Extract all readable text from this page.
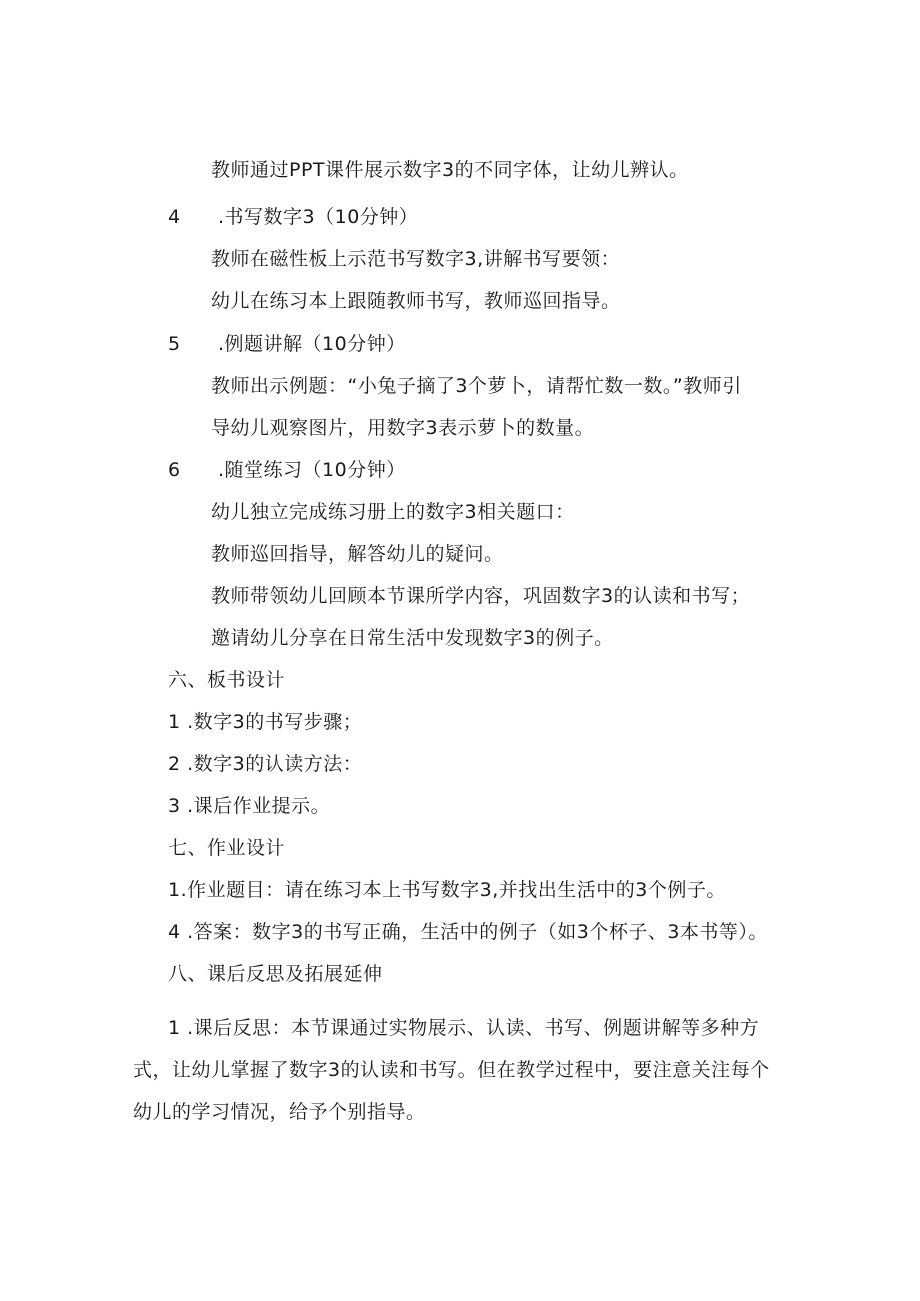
教师通过PPT课件展示数字3的不同字体，让幼儿辨认。
4 .书写数字3（10分钟）
教师在磁性板上示范书写数字3,讲解书写要领：
幼儿在练习本上跟随教师书写，教师巡回指导。
5 .例题讲解（10分钟）
教师出示例题：“小兔子摘了3个萝卜，请帮忙数一数。”教师引
导幼儿观察图片，用数字3表示萝卜的数量。
6 .随堂练习（10分钟）
幼儿独立完成练习册上的数字3相关题口：
教师巡回指导，解答幼儿的疑问。
教师带领幼儿回顾本节课所学内容，巩固数字3的认读和书写；
邀请幼儿分享在日常生活中发现数字3的例子。
六、板书设计
1 .数字3的书写步骤；
2 .数字3的认读方法：
3 .课后作业提示。
七、作业设计
1.作业题目：请在练习本上书写数字3,并找出生活中的3个例子。
4 .答案：数字3的书写正确，生活中的例子（如3个杯子、3本书等）。
八、课后反思及拓展延伸
1 .课后反思：本节课通过实物展示、认读、书写、例题讲解等多种方
式，让幼儿掌握了数字3的认读和书写。但在教学过程中，要注意关注每个
幼儿的学习情况，给予个别指导。
